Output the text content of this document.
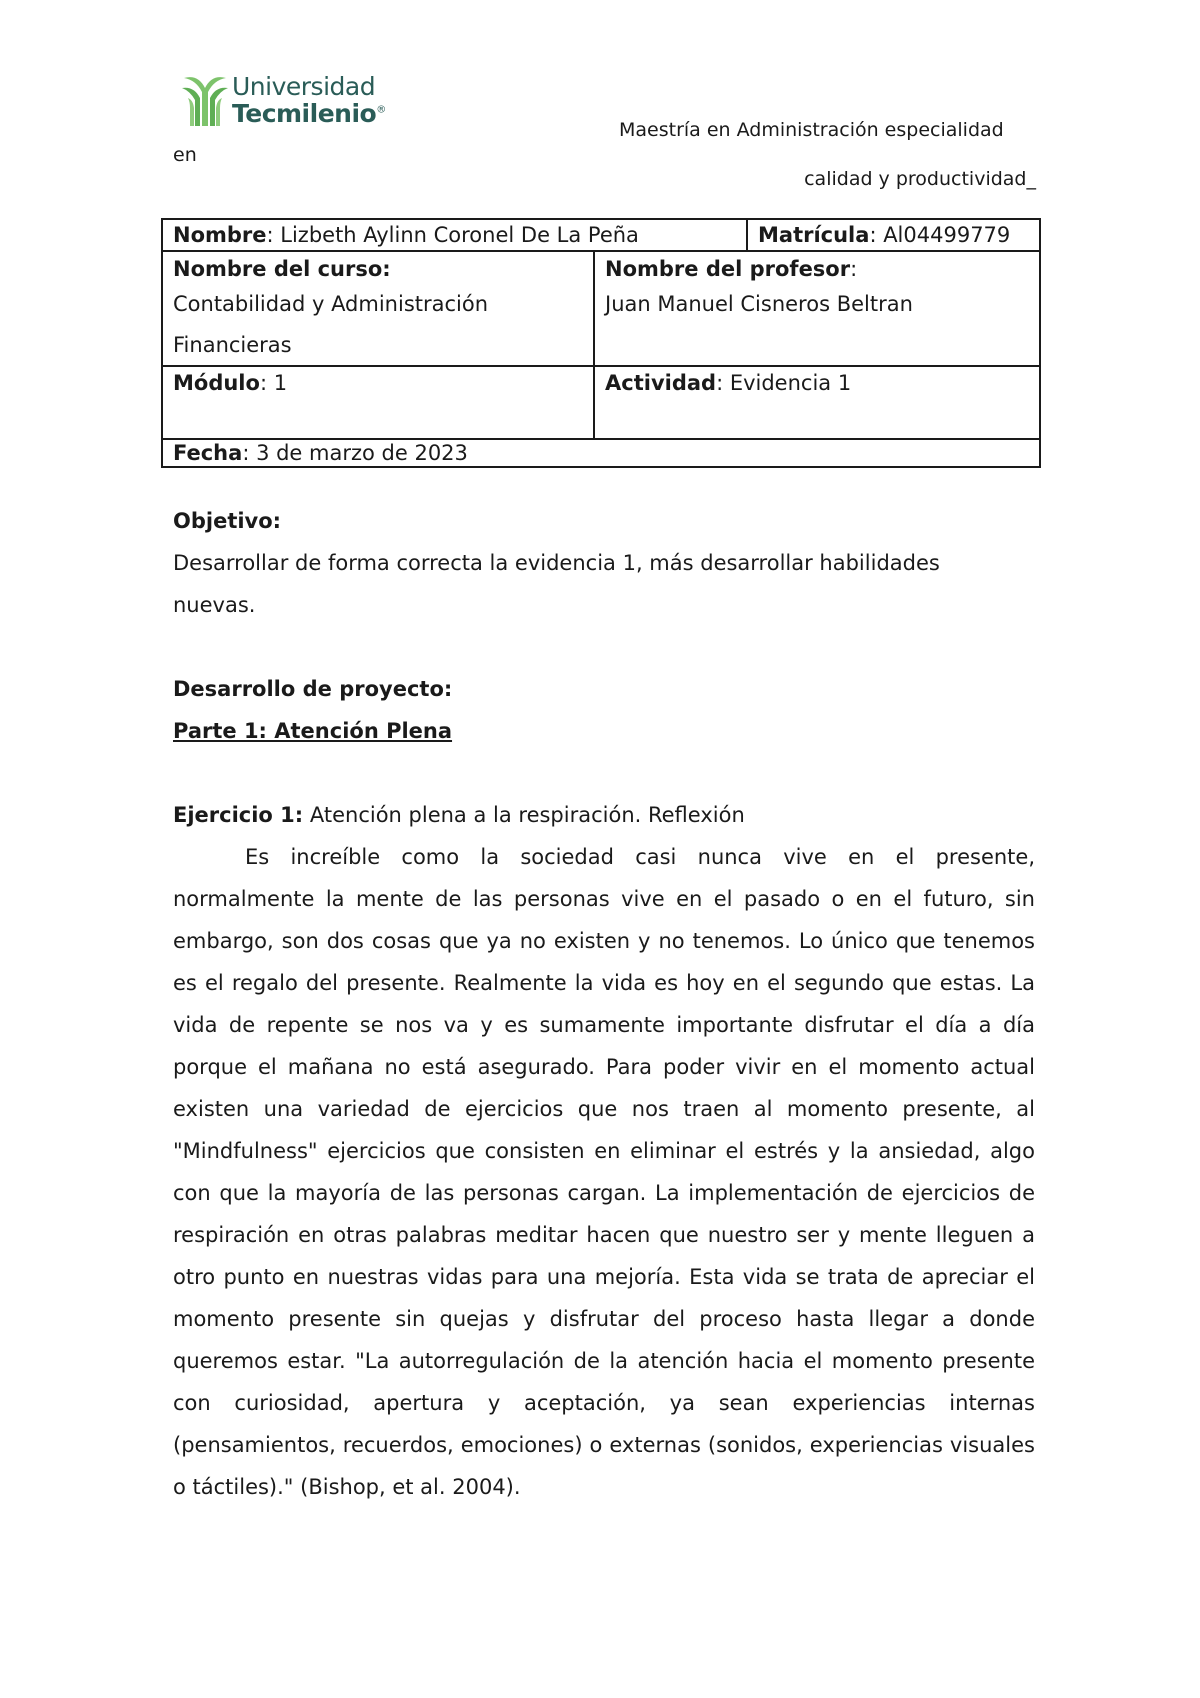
Universidad
Tecmilenio®
Maestría en Administración especialidad
en
calidad y productividad_
Nombre: Lizbeth Aylinn Coronel De La Peña	Matrícula: Al04499779
Nombre del curso:
Contabilidad y Administración Financieras
Nombre del profesor:
Juan Manuel Cisneros Beltran
Módulo: 1	Actividad: Evidencia 1
Fecha: 3 de marzo de 2023

Objetivo:

Desarrollar de forma correcta la evidencia 1, más desarrollar habilidades nuevas.

Desarrollo de proyecto:

Parte 1: Atención Plena

Ejercicio 1: Atención plena a la respiración. Reflexión

Es increíble como la sociedad casi nunca vive en el presente, normalmente la mente de las personas vive en el pasado o en el futuro, sin embargo, son dos cosas que ya no existen y no tenemos. Lo único que tenemos es el regalo del presente. Realmente la vida es hoy en el segundo que estas. La vida de repente se nos va y es sumamente importante disfrutar el día a día porque el mañana no está asegurado. Para poder vivir en el momento actual existen una variedad de ejercicios que nos traen al momento presente, al "Mindfulness" ejercicios que consisten en eliminar el estrés y la ansiedad, algo con que la mayoría de las personas cargan. La implementación de ejercicios de respiración en otras palabras meditar hacen que nuestro ser y mente lleguen a otro punto en nuestras vidas para una mejoría. Esta vida se trata de apreciar el momento presente sin quejas y disfrutar del proceso hasta llegar a donde queremos estar. "La autorregulación de la atención hacia el momento presente con curiosidad, apertura y aceptación, ya sean experiencias internas (pensamientos, recuerdos, emociones) o externas (sonidos, experiencias visuales o táctiles)." (Bishop, et al. 2004).
